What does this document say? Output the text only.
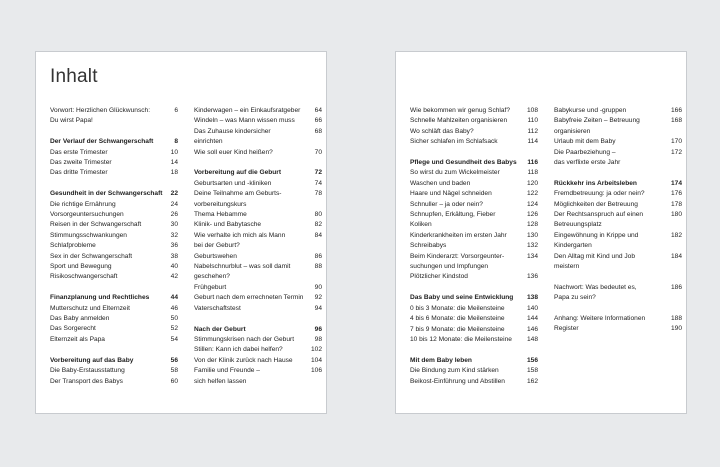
Inhalt
Vorwort: Herzlichen Glückwunsch:
Du wirst Papa!
6
Der Verlauf der Schwangerschaft	8
Das erste Trimester	10
Das zweite Trimester	14
Das dritte Trimester	18
Gesundheit in der Schwangerschaft	22
Die richtige Ernährung	24
Vorsorgeuntersuchungen	26
Reisen in der Schwangerschaft	30
Stimmungsschwankungen	32
Schlafprobleme	36
Sex in der Schwangerschaft	38
Sport und Bewegung	40
Risikoschwangerschaft	42
Finanzplanung und Rechtliches	44
Mutterschutz und Elternzeit	46
Das Baby anmelden	50
Das Sorgerecht	52
Elternzeit als Papa	54
Vorbereitung auf das Baby	56
Die Baby-Erstausstattung	58
Der Transport des Babys	60
Kinderwagen – ein Einkaufsratgeber	64
Windeln – was Mann wissen muss	66
Das Zuhause kindersicher
einrichten
68
Wie soll euer Kind heißen?	70
Vorbereitung auf die Geburt	72
Geburtsarten und -kliniken	74
Deine Teilnahme am Geburts-
vorbereitungskurs
78
Thema Hebamme	80
Klinik- und Babytasche	82
Wie verhalte ich mich als Mann
bei der Geburt?
84
Geburtswehen	86
Nabelschnurblut – was soll damit
geschehen?
88
Frühgeburt	90
Geburt nach dem errechneten Termin	92
Vaterschaftstest	94
Nach der Geburt	96
Stimmungskrisen nach der Geburt	98
Stillen: Kann ich dabei helfen?	102
Von der Klinik zurück nach Hause	104
Familie und Freunde –
sich helfen lassen
106
Wie bekommen wir genug Schlaf?	108
Schnelle Mahlzeiten organisieren	110
Wo schläft das Baby?	112
Sicher schlafen im Schlafsack	114
Pflege und Gesundheit des Babys	116
So wirst du zum Wickelmeister	118
Waschen und baden	120
Haare und Nägel schneiden	122
Schnuller – ja oder nein?	124
Schnupfen, Erkältung, Fieber	126
Koliken	128
Kinderkrankheiten im ersten Jahr	130
Schreibabys	132
Beim Kinderarzt: Vorsorgeunter-
suchungen und Impfungen
134
Plötzlicher Kindstod	136
Das Baby und seine Entwicklung	138
0 bis 3 Monate: die Meilensteine	140
4 bis 6 Monate: die Meilensteine	144
7 bis 9 Monate: die Meilensteine	146
10 bis 12 Monate: die Meilensteine	148
Mit dem Baby leben	156
Die Bindung zum Kind stärken	158
Beikost-Einführung und Abstillen	162
Babykurse und -gruppen	166
Babyfreie Zeiten – Betreuung
organisieren
168
Urlaub mit dem Baby	170
Die Paarbeziehung –
das verflixte erste Jahr
172
Rückkehr ins Arbeitsleben	174
Fremdbetreuung: ja oder nein?	176
Möglichkeiten der Betreuung	178
Der Rechtsanspruch auf einen
Betreuungsplatz
180
Eingewöhnung in Krippe und
Kindergarten
182
Den Alltag mit Kind und Job
meistern
184
Nachwort: Was bedeutet es,
Papa zu sein?
186
Anhang: Weitere Informationen	188
Register	190
